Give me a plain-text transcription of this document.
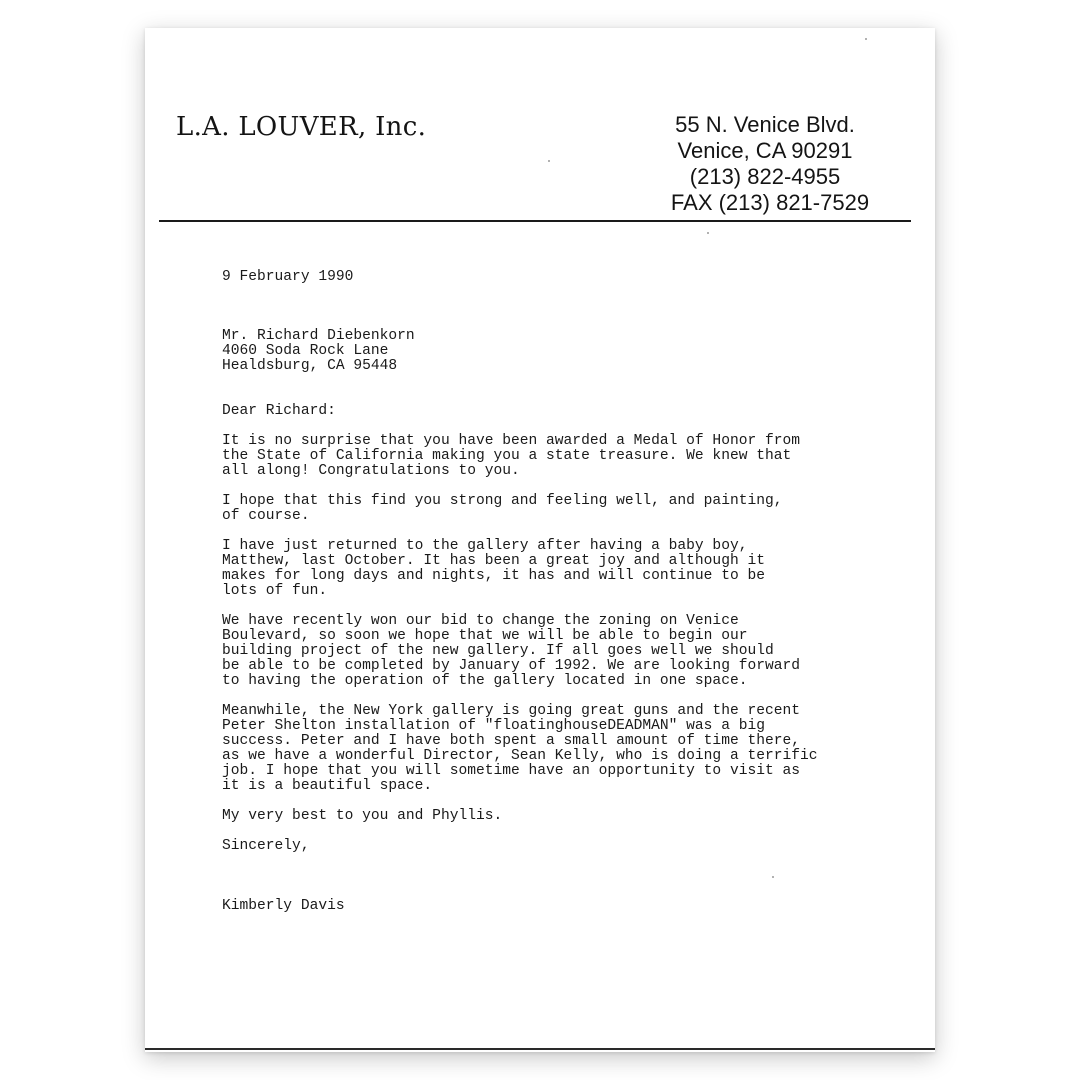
L.A. LOUVER, Inc.	55 N. Venice Blvd.
Venice, CA 90291
(213) 822-4955
FAX (213) 821-7529

9 February 1990

Mr. Richard Diebenkorn

4060 Soda Rock Lane

Healdsburg, CA 95448

Dear Richard:

It is no surprise that you have been awarded a Medal of Honor from
the State of California making you a state treasure. We knew that
all along! Congratulations to you.

I hope that this find you strong and feeling well, and painting,
of course.

I have just returned to the gallery after having a baby boy,
Matthew, last October. It has been a great joy and although it
makes for long days and nights, it has and will continue to be
lots of fun.

We have recently won our bid to change the zoning on Venice
Boulevard, so soon we hope that we will be able to begin our
building project of the new gallery. If all goes well we should
be able to be completed by January of 1992. We are looking forward
to having the operation of the gallery located in one space.

Meanwhile, the New York gallery is going great guns and the recent
Peter Shelton installation of "floatinghouseDEADMAN" was a big
success. Peter and I have both spent a small amount of time there,
as we have a wonderful Director, Sean Kelly, who is doing a terrific
job. I hope that you will sometime have an opportunity to visit as
it is a beautiful space.

My very best to you and Phyllis.

Sincerely,

Kimberly Davis
